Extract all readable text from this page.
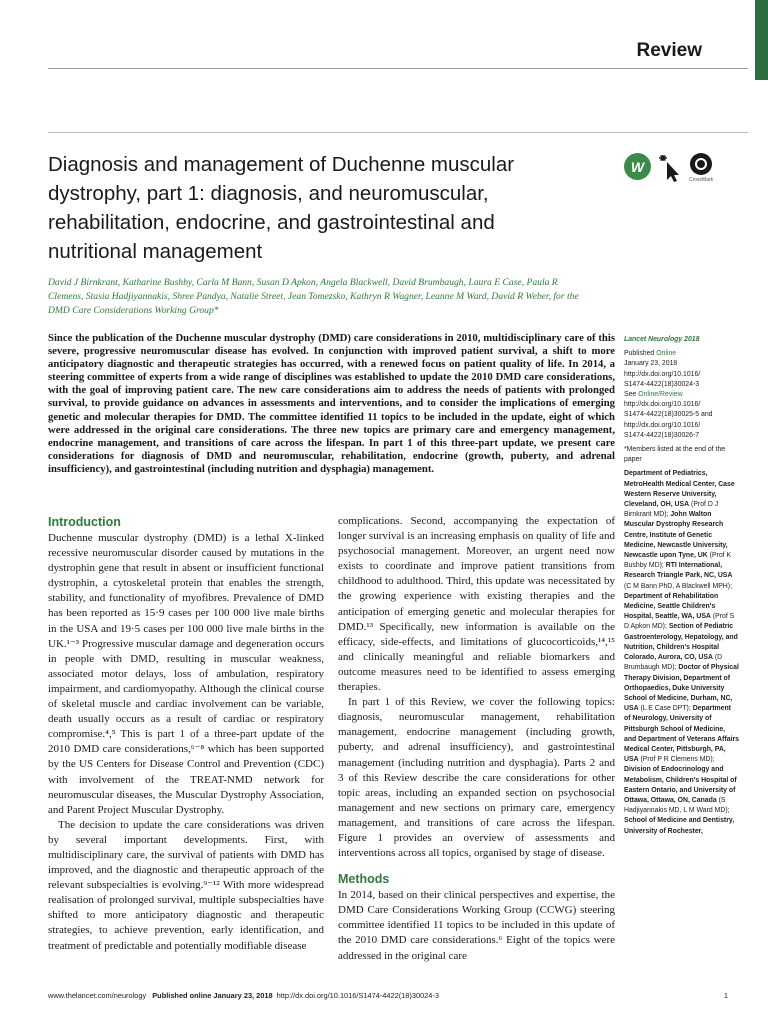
Review
Diagnosis and management of Duchenne muscular dystrophy, part 1: diagnosis, and neuromuscular, rehabilitation, endocrine, and gastrointestinal and nutritional management
W
CrossMark

David J Birnkrant, Katharine Bushby, Carla M Bann, Susan D Apkon, Angela Blackwell, David Brumbaugh, Laura E Case, Paula R Clemens, Stasia Hadjiyannakis, Shree Pandya, Natalie Street, Jean Tomezsko, Kathryn R Wagner, Leanne M Ward, David R Weber, for the DMD Care Considerations Working Group*

Since the publication of the Duchenne muscular dystrophy (DMD) care considerations in 2010, multidisciplinary care of this severe, progressive neuromuscular disease has evolved. In conjunction with improved patient survival, a shift to more anticipatory diagnostic and therapeutic strategies has occurred, with a renewed focus on patient quality of life. In 2014, a steering committee of experts from a wide range of disciplines was established to update the 2010 DMD care considerations, with the goal of improving patient care. The new care considerations aim to address the needs of patients with prolonged survival, to provide guidance on advances in assessments and interventions, and to consider the implications of emerging genetic and molecular therapies for DMD. The committee identified 11 topics to be included in the update, eight of which were addressed in the original care considerations. The three new topics are primary care and emergency management, endocrine management, and transitions of care across the lifespan. In part 1 of this three-part update, we present care considerations for diagnosis of DMD and neuromuscular, rehabilitation, endocrine (growth, puberty, and adrenal insufficiency), and gastrointestinal (including nutrition and dysphagia) management.

Introduction

Duchenne muscular dystrophy (DMD) is a lethal X-linked recessive neuromuscular disorder caused by mutations in the dystrophin gene that result in absent or insufficient functional dystrophin, a cytoskeletal protein that enables the strength, stability, and functionality of myofibres. Prevalence of DMD has been reported as 15·9 cases per 100 000 live male births in the USA and 19·5 cases per 100 000 live male births in the UK.¹⁻³ Progressive muscular damage and degeneration occurs in people with DMD, resulting in muscular weakness, associated motor delays, loss of ambulation, respiratory impairment, and cardiomyopathy. Although the clinical course of skeletal muscle and cardiac involvement can be variable, death usually occurs as a result of cardiac or respiratory compromise.⁴,⁵ This is part 1 of a three-part update of the 2010 DMD care considerations,⁶⁻⁸ which has been supported by the US Centers for Disease Control and Prevention (CDC) with involvement of the TREAT-NMD network for neuromuscular diseases, the Muscular Dystrophy Association, and Parent Project Muscular Dystrophy.

The decision to update the care considerations was driven by several important developments. First, with multidisciplinary care, the survival of patients with DMD has improved, and the diagnostic and therapeutic approach of the relevant subspecialties is evolving.⁹⁻¹² With more widespread realisation of prolonged survival, multiple subspecialties have shifted to more anticipatory diagnostic and therapeutic strategies, to achieve prevention, early identification, and treatment of predictable and potentially modifiable disease

complications. Second, accompanying the expectation of longer survival is an increasing emphasis on quality of life and psychosocial management. Moreover, an urgent need now exists to coordinate and improve patient transitions from childhood to adulthood. Third, this update was necessitated by the growing experience with existing therapies and the anticipation of emerging genetic and molecular therapies for DMD.¹³ Specifically, new information is available on the efficacy, side-effects, and limitations of glucocorticoids,¹⁴,¹⁵ and clinically meaningful and reliable biomarkers and outcome measures need to be identified to assess emerging therapies.

In part 1 of this Review, we cover the following topics: diagnosis, neuromuscular management, rehabilitation management, endocrine management (including growth, puberty, and adrenal insufficiency), and gastrointestinal management (including nutrition and dysphagia). Parts 2 and 3 of this Review describe the care considerations for other topic areas, including an expanded section on psychosocial management and new sections on primary care, emergency management, and transitions of care across the lifespan. Figure 1 provides an overview of assessments and interventions across all topics, organised by stage of disease.

Methods

In 2014, based on their clinical perspectives and expertise, the DMD Care Considerations Working Group (CCWG) steering committee identified 11 topics to be included in this update of the 2010 DMD care considerations.⁶ Eight of the topics were addressed in the original care

Lancet Neurology 2018
Published Online
January 23, 2018
http://dx.doi.org/10.1016/
S1474-4422(18)30024-3
See Online/Review
http://dx.doi.org/10.1016/
S1474-4422(18)30025-5 and
http://dx.doi.org/10.1016/
S1474-4422(18)30026-7
*Members listed at the end of the paper
Department of Pediatrics, MetroHealth Medical Center, Case Western Reserve University, Cleveland, OH, USA (Prof D J Birnkrant MD); John Walton Muscular Dystrophy Research Centre, Institute of Genetic Medicine, Newcastle University, Newcastle upon Tyne, UK (Prof K Bushby MD); RTI International, Research Triangle Park, NC, USA (C M Bann PhD, A Blackwell MPH); Department of Rehabilitation Medicine, Seattle Children's Hospital, Seattle, WA, USA (Prof S D Apkon MD); Section of Pediatric Gastroenterology, Hepatology, and Nutrition, Children's Hospital Colorado, Aurora, CO, USA (D Brumbaugh MD); Doctor of Physical Therapy Division, Department of Orthopaedics, Duke University School of Medicine, Durham, NC, USA (L E Case DPT); Department of Neurology, University of Pittsburgh School of Medicine, and Department of Veterans Affairs Medical Center, Pittsburgh, PA, USA (Prof P R Clemens MD); Division of Endocrinology and Metabolism, Children's Hospital of Eastern Ontario, and University of Ottawa, Ottawa, ON, Canada (S Hadjiyannakis MD, L M Ward MD); School of Medicine and Dentistry, University of Rochester,
www.thelancet.com/neurology Published online January 23, 2018 http://dx.doi.org/10.1016/S1474-4422(18)30024-3	1
